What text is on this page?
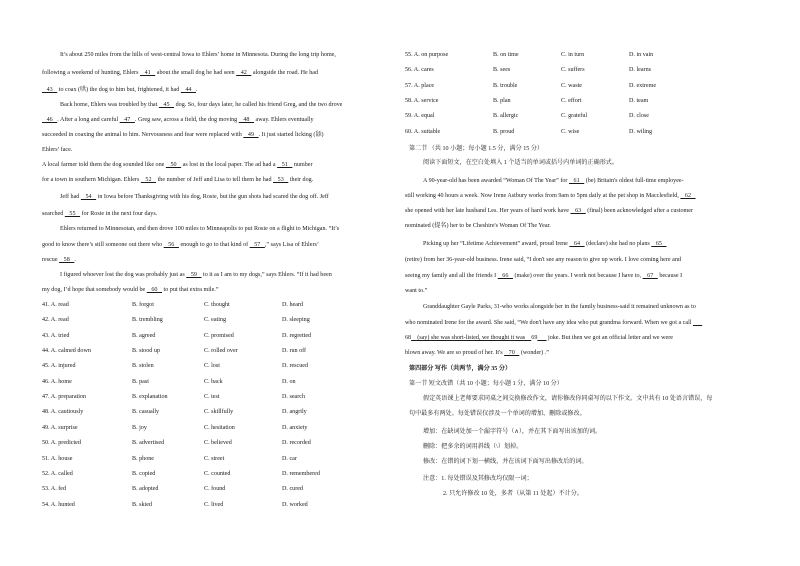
It’s about 250 miles from the hills of west-central Iowa to Ehlers’ home in Minnesota. During the long trip home,
following a weekend of hunting, Ehlers    41    about the small dog he had seen    42    alongside the road. He had
43    to coax (哄) the dog to him but, frightened, it had    44   .
Back home, Ehlers was troubled by that    45    dog. So, four days later, he called his friend Greg, and the two drove
46   . After a long and careful    47   . Greg saw, across a field, the dog moving    48    away. Ehlers eventually
succeeded in coaxing the animal to him. Nervousness and fear were replaced with    49   . It just started licking (舔)
Ehlers’ face.
A local farmer told them the dog sounded like one    50    as lost in the local paper. The ad had a    51    number
for a town in southern Michigan. Ehlers    52    the number of Jeff and Lisa to tell them he had    53    their dog.
Jeff had    54    in Iowa before Thanksgiving with his dog, Rosie, but the gun shots had scared the dog off. Jeff
searched    55    for Rosie in the next four days.
Ehlers returned to Minnesotan, and then drove 100 miles to Minneapolis to put Rosie on a flight to Michigan. “It’s
good to know there’s still someone out there who    56    enough to go to that kind of    57   ,” says Lisa of Ehlers’
rescue    58   .
I figured whoever lost the dog was probably just as    59    to it as I am to my dogs,” says Ehlers. “If it had been
my dog, I’d hope that somebody would be    60    to put that extra mile.”
41. A. read	B. forgot	C. thought	D. heard
42. A. read	B. trembling	C. eating	D. sleeping
43. A. tried	B. agreed	C. promised	D. regretted
44. A. calmed down	B. stood up	C. rolled over	D. run off
45. A. injured	B. stolen	C. lost	D. rescued
46. A. home	B. past	C. back	D. on
47. A. preparation	B. explanation	C. test	D. search
48. A. cautiously	B. casually	C. skillfully	D. angrily
49. A. surprise	B. joy	C. hesitation	D. anxiety
50. A. predicted	B. advertised	C. believed	D. recorded
51. A. house	B. phone	C. street	D. car
52. A. called	B. copied	C. counted	D. remembered
53. A. fed	B. adopted	C. found	D. cured
54. A. hunted	B. skied	C. lived	D. worked
55. A. on purpose	B. on time	C. in turn	D. in vain
56. A. cares	B. sees	C. suffers	D. learns
57. A. place	B. trouble	C. waste	D. extreme
58. A. service	B. plan	C. effort	D. team
59. A. equal	B. allergic	C. grateful	D. close
60. A. suitable	B. proud	C. wise	D. wiling
第二节 （共 10 小题；每小题 1.5 分，满分 15 分）
阅读下面短文，在空白处填入 1 个适当的单词或括号内单词的正确形式。
A 90-year-old has been awarded “Woman Of The Year” for    61    (be) Britain's oldest full-time employee-
still working 40 hours a week. Now Irene Astbury works from 9am to 5pm daily at the pet shop in Macclesfield,    62
she opened with her late husband Les. Her years of hard work have    63    (final) been acknowledged after a customer
nominated (提名) her to be Cheshire's Woman Of The Year.
Picking up her “Lifetime Achievement” award, proud Irene    64    (declare) she had no plans    65
(retire) from her 36-year-old business. Irene said, “I don't see any reason to give up work. I love coming here and
seeing my family and all the friends I    66    (make) over the years. I work not because I have to,    67    because I
want to.”
Granddaughter Gayle Parks, 31-who works alongside her in the family business-said it remained unknown as to
who nominated Irene for the award. She said, “We don't have any idea who put grandma forward. When we got a call
68    (say) she was short-listed, we thought it was    69       joke. But then we got an official letter and we were
blown away. We are so proud of her. It's    70    (wonder) .”
第四部分 写作（共两节，满分 35 分）
第一节 短文改错（共 10 小题；每小题 1 分，满分 10 分）
假定英语课上老师要求同桌之间交换修改作文，请你修改你同桌写的以下作文。文中共有 10 处语言错误，每
句中最多有两处。每处错误仅涉及一个单词的增加、删除或修改。
增加：在缺词处加一个漏字符号（∧），并在其下面写出该加的词。
删除：把多余的词用斜线（\）划掉。
修改：在错的词下划一横线，并在该词下面写出修改后的词。
注意：1. 每处错误及其修改均仅限一词；
2. 只允许修改 10 处，多者（从第 11 处起）不计分。
